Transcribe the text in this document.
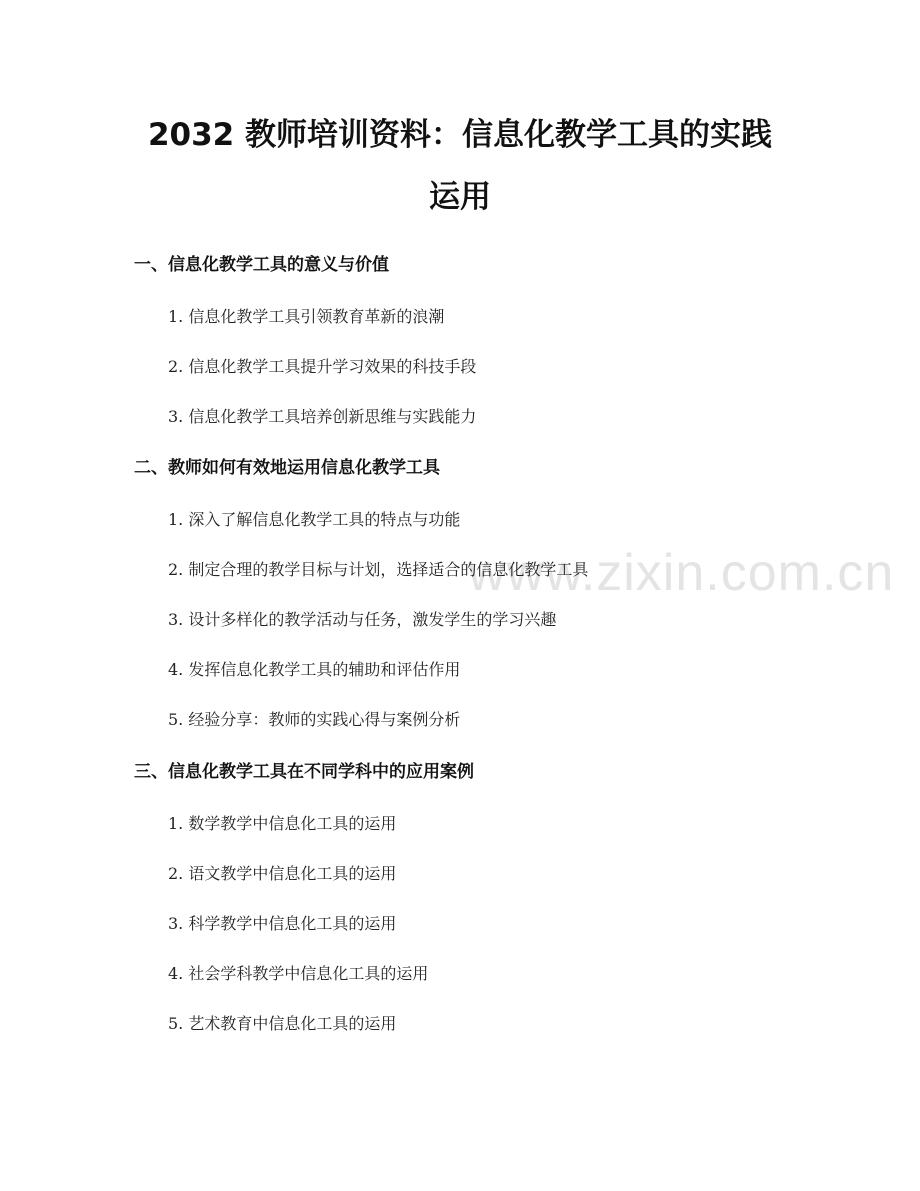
www.zixin.com.cn
2032 教师培训资料：信息化教学工具的实践
运用

一、信息化教学工具的意义与价值

1. 信息化教学工具引领教育革新的浪潮

2. 信息化教学工具提升学习效果的科技手段

3. 信息化教学工具培养创新思维与实践能力

二、教师如何有效地运用信息化教学工具

1. 深入了解信息化教学工具的特点与功能

2. 制定合理的教学目标与计划，选择适合的信息化教学工具

3. 设计多样化的教学活动与任务，激发学生的学习兴趣

4. 发挥信息化教学工具的辅助和评估作用

5. 经验分享：教师的实践心得与案例分析

三、信息化教学工具在不同学科中的应用案例

1. 数学教学中信息化工具的运用

2. 语文教学中信息化工具的运用

3. 科学教学中信息化工具的运用

4. 社会学科教学中信息化工具的运用

5. 艺术教育中信息化工具的运用
